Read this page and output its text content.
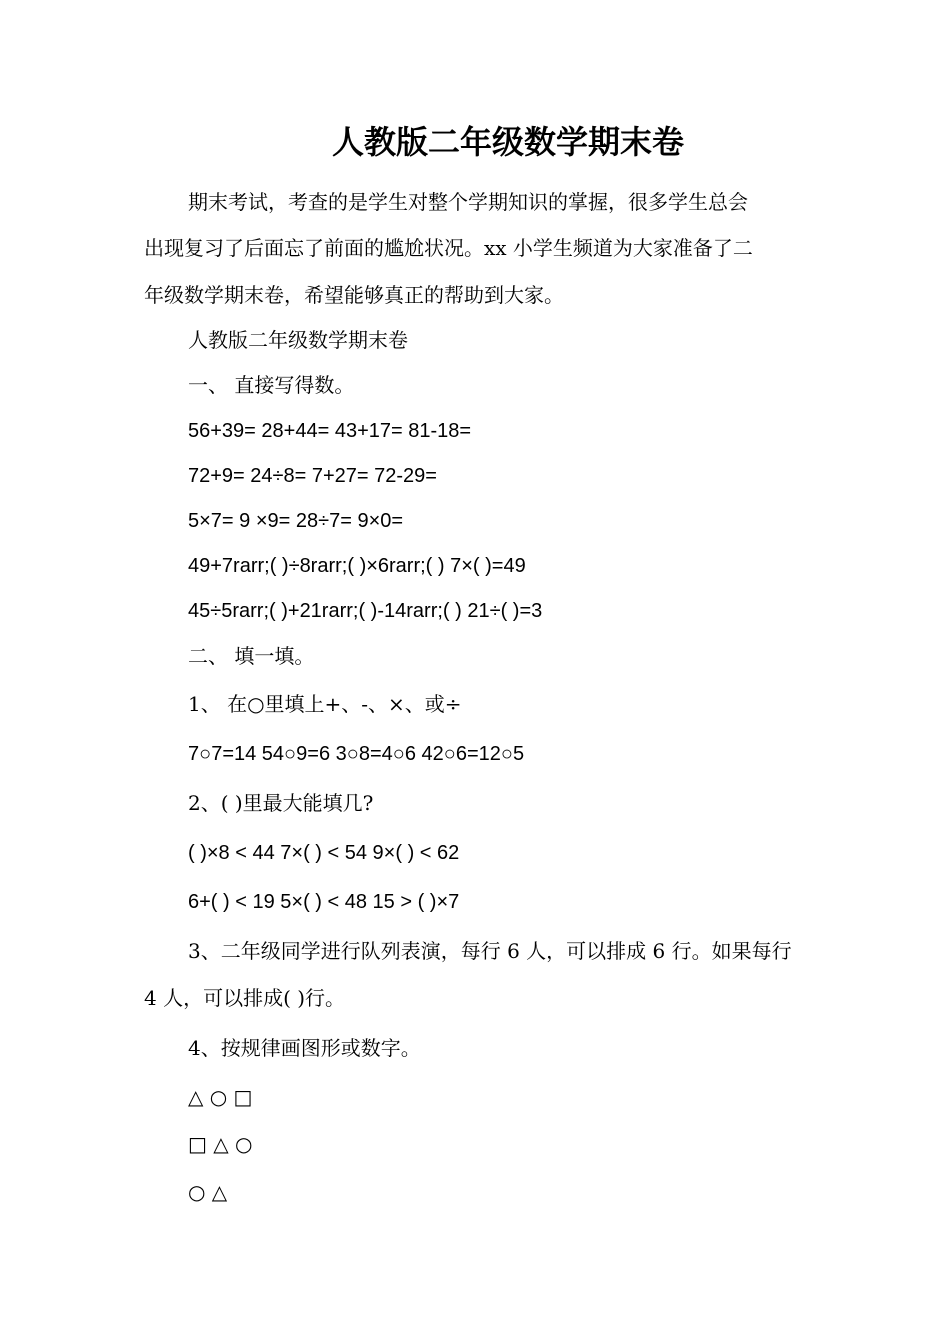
人教版二年级数学期末卷

期末考试，考查的是学生对整个学期知识的掌握，很多学生总会

出现复习了后面忘了前面的尴尬状况。xx 小学生频道为大家准备了二

年级数学期末卷，希望能够真正的帮助到大家。

人教版二年级数学期末卷

一、 直接写得数。

56+39= 28+44= 43+17= 81-18=

72+9= 24÷8= 7+27= 72-29=

5×7= 9 ×9= 28÷7= 9×0=

49+7rarr;( )÷8rarr;( )×6rarr;( ) 7×( )=49

45÷5rarr;( )+21rarr;( )-14rarr;( ) 21÷( )=3

二、 填一填。

1、 在○里填上+、-、×、或÷

7○7=14 54○9=6 3○8=4○6 42○6=12○5

2、( )里最大能填几?

( )×8 < 44 7×( ) < 54 9×( ) < 62

6+( ) < 19 5×( ) < 48 15 > ( )×7

3、二年级同学进行队列表演，每行 6 人，可以排成 6 行。如果每行

4 人，可以排成( )行。

4、按规律画图形或数字。

△ ○ □

□ △ ○

○ △
